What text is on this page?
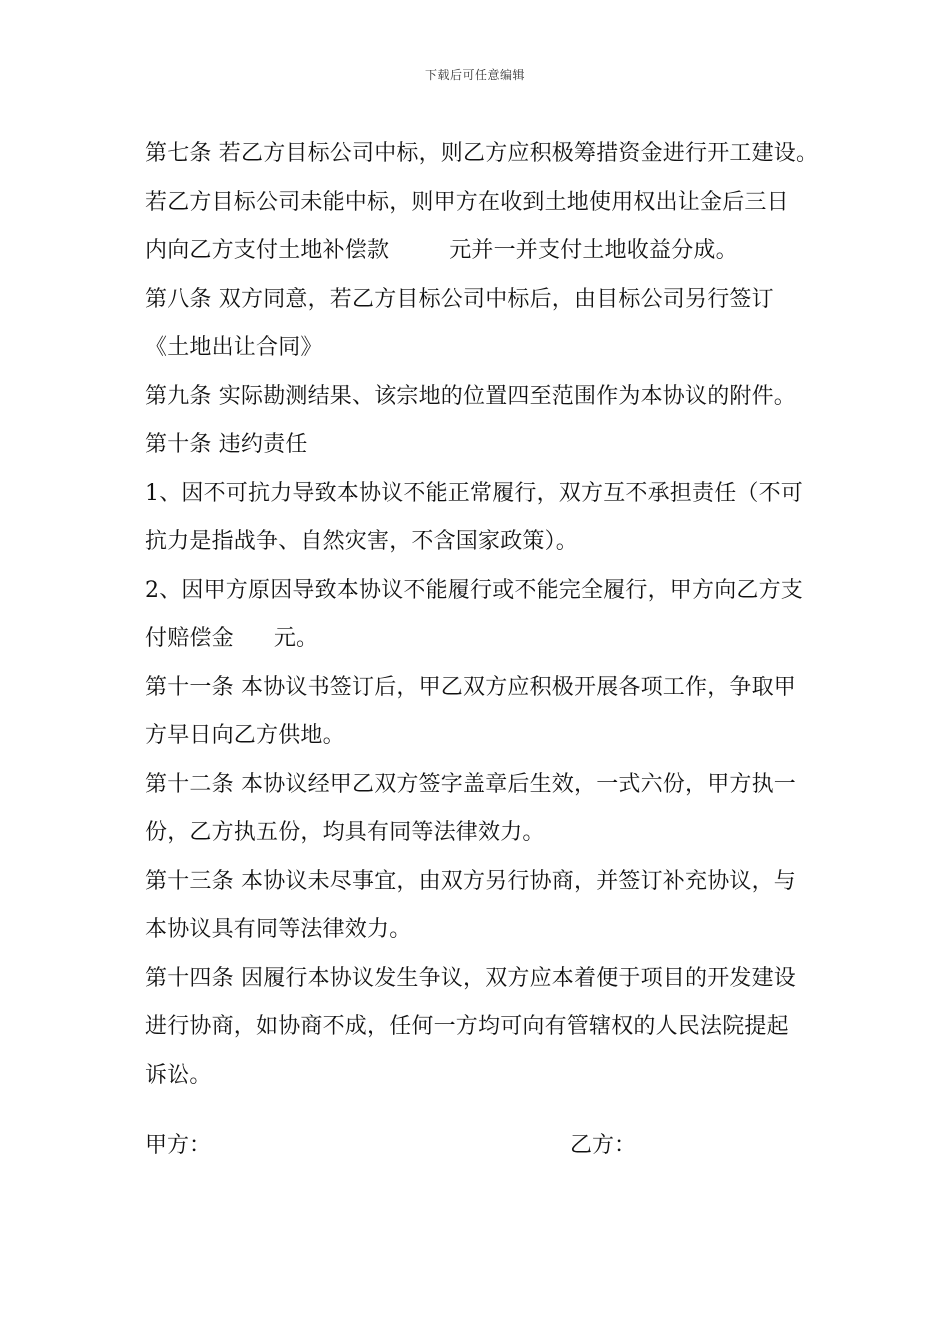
下载后可任意编辑
第七条 若乙方目标公司中标，则乙方应积极筹措资金进行开工建设。
若乙方目标公司未能中标，则甲方在收到土地使用权出让金后三日
内向乙方支付土地补偿款	元并一并支付土地收益分成。
第八条 双方同意，若乙方目标公司中标后，由目标公司另行签订
《土地出让合同》
第九条 实际勘测结果、该宗地的位置四至范围作为本协议的附件。
第十条 违约责任
1、因不可抗力导致本协议不能正常履行，双方互不承担责任（不可
抗力是指战争、自然灾害，不含国家政策）。
2、因甲方原因导致本协议不能履行或不能完全履行，甲方向乙方支
付赔偿金 元。
第十一条 本协议书签订后，甲乙双方应积极开展各项工作，争取甲
方早日向乙方供地。
第十二条 本协议经甲乙双方签字盖章后生效，一式六份，甲方执一
份，乙方执五份，均具有同等法律效力。
第十三条 本协议未尽事宜，由双方另行协商，并签订补充协议，与
本协议具有同等法律效力。
第十四条 因履行本协议发生争议，双方应本着便于项目的开发建设
进行协商，如协商不成，任何一方均可向有管辖权的人民法院提起
诉讼。
甲方：	乙方：
